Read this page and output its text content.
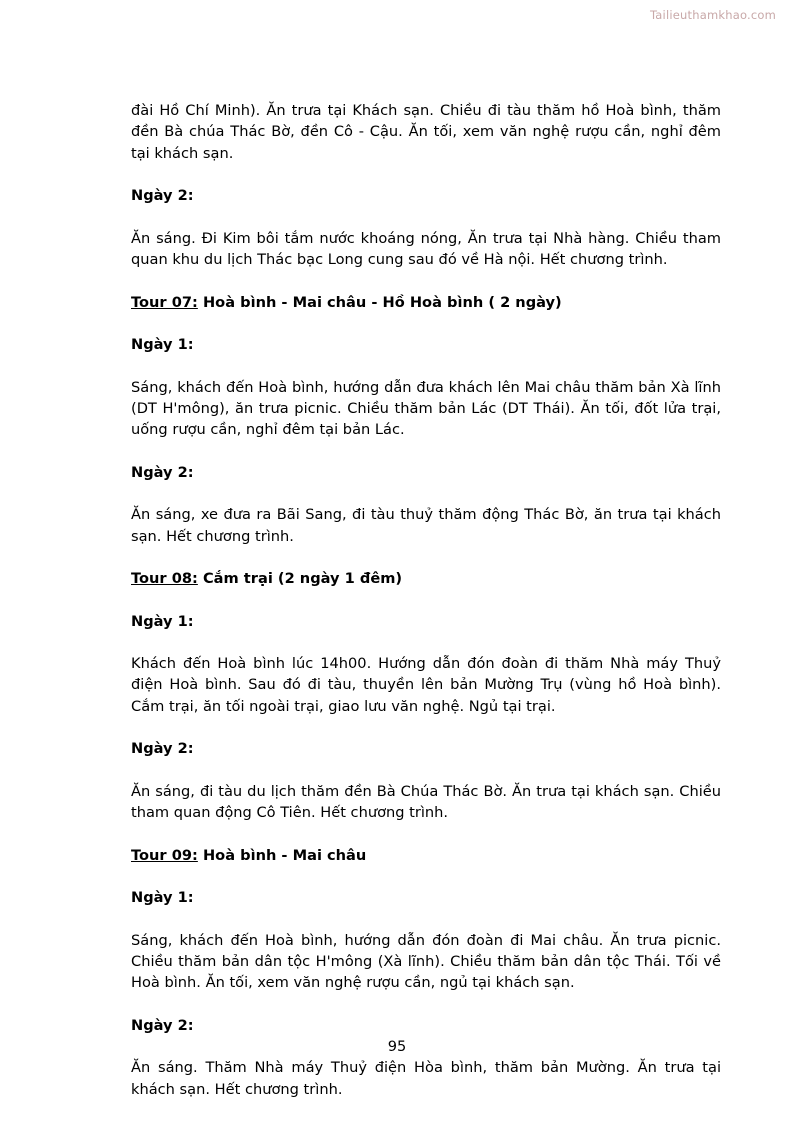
Tailieuthamkhao.com

đài Hồ Chí Minh). Ăn trưa tại Khách sạn. Chiều đi tàu thăm hồ Hoà bình, thăm đền Bà chúa Thác Bờ, đền Cô - Cậu. Ăn tối, xem văn nghệ rượu cần, nghỉ đêm tại khách sạn.

Ngày 2:

Ăn sáng. Đi Kim bôi tắm nước khoáng nóng, Ăn trưa tại Nhà hàng. Chiều tham quan khu du lịch Thác bạc Long cung sau đó về Hà nội. Hết chương trình.

Tour 07: Hoà bình - Mai châu - Hồ Hoà bình ( 2 ngày)

Ngày 1:

Sáng, khách đến Hoà bình, hướng dẫn đưa khách lên Mai châu thăm bản Xà lĩnh (DT H'mông), ăn trưa picnic. Chiều thăm bản Lác (DT Thái). Ăn tối, đốt lửa trại, uống rượu cần, nghỉ đêm tại bản Lác.

Ngày 2:

Ăn sáng, xe đưa ra Bãi Sang, đi tàu thuỷ thăm động Thác Bờ, ăn trưa tại khách sạn. Hết chương trình.

Tour 08: Cắm trại (2 ngày 1 đêm)

Ngày 1:

Khách đến Hoà bình lúc 14h00. Hướng dẫn đón đoàn đi thăm Nhà máy Thuỷ điện Hoà bình. Sau đó đi tàu, thuyền lên bản Mường Trụ (vùng hồ Hoà bình). Cắm trại, ăn tối ngoài trại, giao lưu văn nghệ. Ngủ tại trại.

Ngày 2:

Ăn sáng, đi tàu du lịch thăm đền Bà Chúa Thác Bờ. Ăn trưa tại khách sạn. Chiều tham quan động Cô Tiên. Hết chương trình.

Tour 09: Hoà bình - Mai châu

Ngày 1:

Sáng, khách đến Hoà bình, hướng dẫn đón đoàn đi Mai châu. Ăn trưa picnic. Chiều thăm bản dân tộc H'mông (Xà lĩnh). Chiều thăm bản dân tộc Thái. Tối về Hoà bình. Ăn tối, xem văn nghệ rượu cần, ngủ tại khách sạn.

Ngày 2:

Ăn sáng. Thăm Nhà máy Thuỷ điện Hòa bình, thăm bản Mường. Ăn trưa tại khách sạn. Hết chương trình.

95
